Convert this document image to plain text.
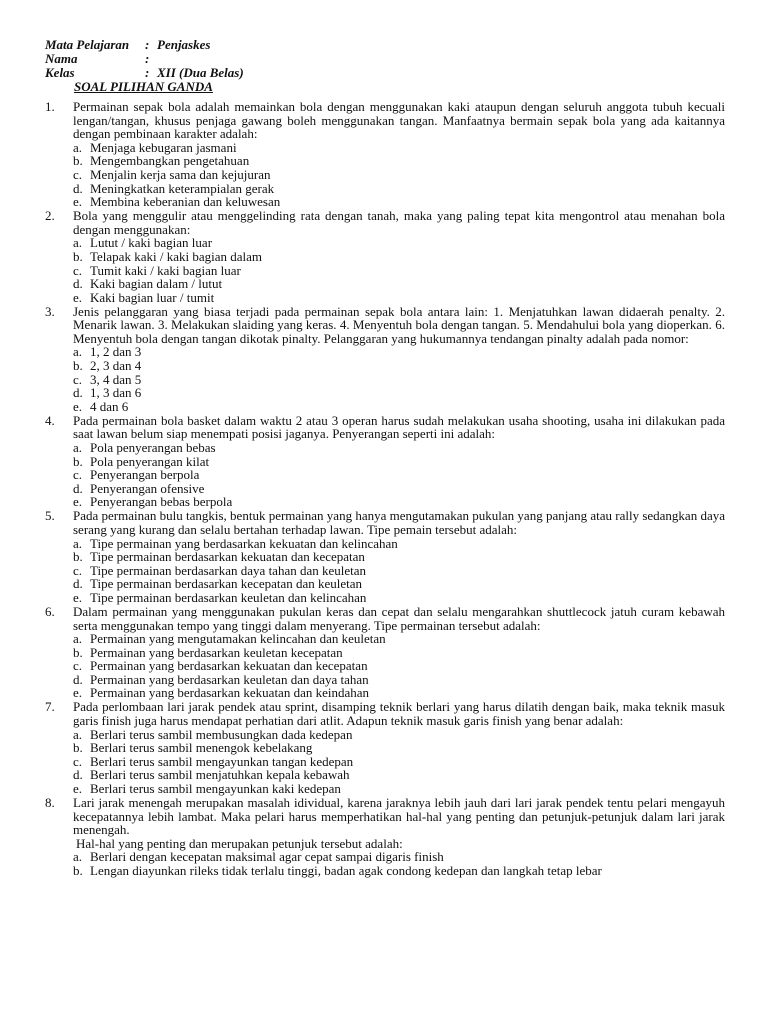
Mata Pelajaran	: Penjaskes
Nama	:
Kelas	: XII (Dua Belas)
SOAL PILIHAN GANDA
1.	Permainan sepak bola adalah memainkan bola dengan menggunakan kaki ataupun dengan seluruh anggota tubuh kecuali lengan/tangan, khusus penjaga gawang boleh menggunakan tangan. Manfaatnya bermain sepak bola yang ada kaitannya dengan pembinaan karakter adalah:
a. Menjaga kebugaran jasmani
b. Mengembangkan pengetahuan
c. Menjalin kerja sama dan kejujuran
d. Meningkatkan keterampialan gerak
e. Membina keberanian dan keluwesan
2.	Bola yang menggulir atau menggelinding rata dengan tanah, maka yang paling tepat kita mengontrol atau menahan bola dengan menggunakan:
a. Lutut / kaki bagian luar
b. Telapak kaki / kaki bagian dalam
c. Tumit kaki / kaki bagian luar
d. Kaki bagian dalam / lutut
e. Kaki bagian luar / tumit
3.	Jenis pelanggaran yang biasa terjadi pada permainan sepak bola antara lain: 1. Menjatuhkan lawan didaerah penalty. 2. Menarik lawan. 3. Melakukan slaiding yang keras. 4. Menyentuh bola dengan tangan. 5. Mendahului bola yang dioperkan. 6. Menyentuh bola dengan tangan dikotak pinalty. Pelanggaran yang hukumannya tendangan pinalty adalah pada nomor:
a. 1, 2 dan 3
b. 2, 3 dan 4
c. 3, 4 dan 5
d. 1, 3 dan 6
e. 4 dan 6
4.	Pada permainan bola basket dalam waktu 2 atau 3 operan harus sudah melakukan usaha shooting, usaha ini dilakukan pada saat lawan belum siap menempati posisi jaganya. Penyerangan seperti ini adalah:
a. Pola penyerangan bebas
b. Pola penyerangan kilat
c. Penyerangan berpola
d. Penyerangan ofensive
e. Penyerangan bebas berpola
5.	Pada permainan bulu tangkis, bentuk permainan yang hanya mengutamakan pukulan yang panjang atau rally sedangkan daya serang yang kurang dan selalu bertahan terhadap lawan. Tipe pemain tersebut adalah:
a. Tipe permainan yang berdasarkan kekuatan dan kelincahan
b. Tipe permainan berdasarkan kekuatan dan kecepatan
c. Tipe permainan berdasarkan daya tahan dan keuletan
d. Tipe permainan berdasarkan kecepatan dan keuletan
e. Tipe permainan berdasarkan keuletan dan kelincahan
6.	Dalam permainan yang menggunakan pukulan keras dan cepat dan selalu mengarahkan shuttlecock jatuh curam kebawah serta menggunakan tempo yang tinggi dalam menyerang. Tipe permainan tersebut adalah:
a. Permainan yang mengutamakan kelincahan dan keuletan
b. Permainan yang berdasarkan keuletan kecepatan
c. Permainan yang berdasarkan kekuatan dan kecepatan
d. Permainan yang berdasarkan keuletan dan daya tahan
e. Permainan yang berdasarkan kekuatan dan keindahan
7.	Pada perlombaan lari jarak pendek atau sprint, disamping teknik berlari yang harus dilatih dengan baik, maka teknik masuk garis finish juga harus mendapat perhatian dari atlit. Adapun teknik masuk garis finish yang benar adalah:
a. Berlari terus sambil membusungkan dada kedepan
b. Berlari terus sambil menengok kebelakang
c. Berlari terus sambil mengayunkan tangan kedepan
d. Berlari terus sambil menjatuhkan kepala kebawah
e. Berlari terus sambil mengayunkan kaki kedepan
8.	Lari jarak menengah merupakan masalah idividual, karena jaraknya lebih jauh dari lari jarak pendek tentu pelari mengayuh kecepatannya lebih lambat. Maka pelari harus memperhatikan hal-hal yang penting dan petunjuk-petunjuk dalam lari jarak menengah.
Hal-hal yang penting dan merupakan petunjuk tersebut adalah:
a. Berlari dengan kecepatan maksimal agar cepat sampai digaris finish
b. Lengan diayunkan rileks tidak terlalu tinggi, badan agak condong kedepan dan langkah tetap lebar
